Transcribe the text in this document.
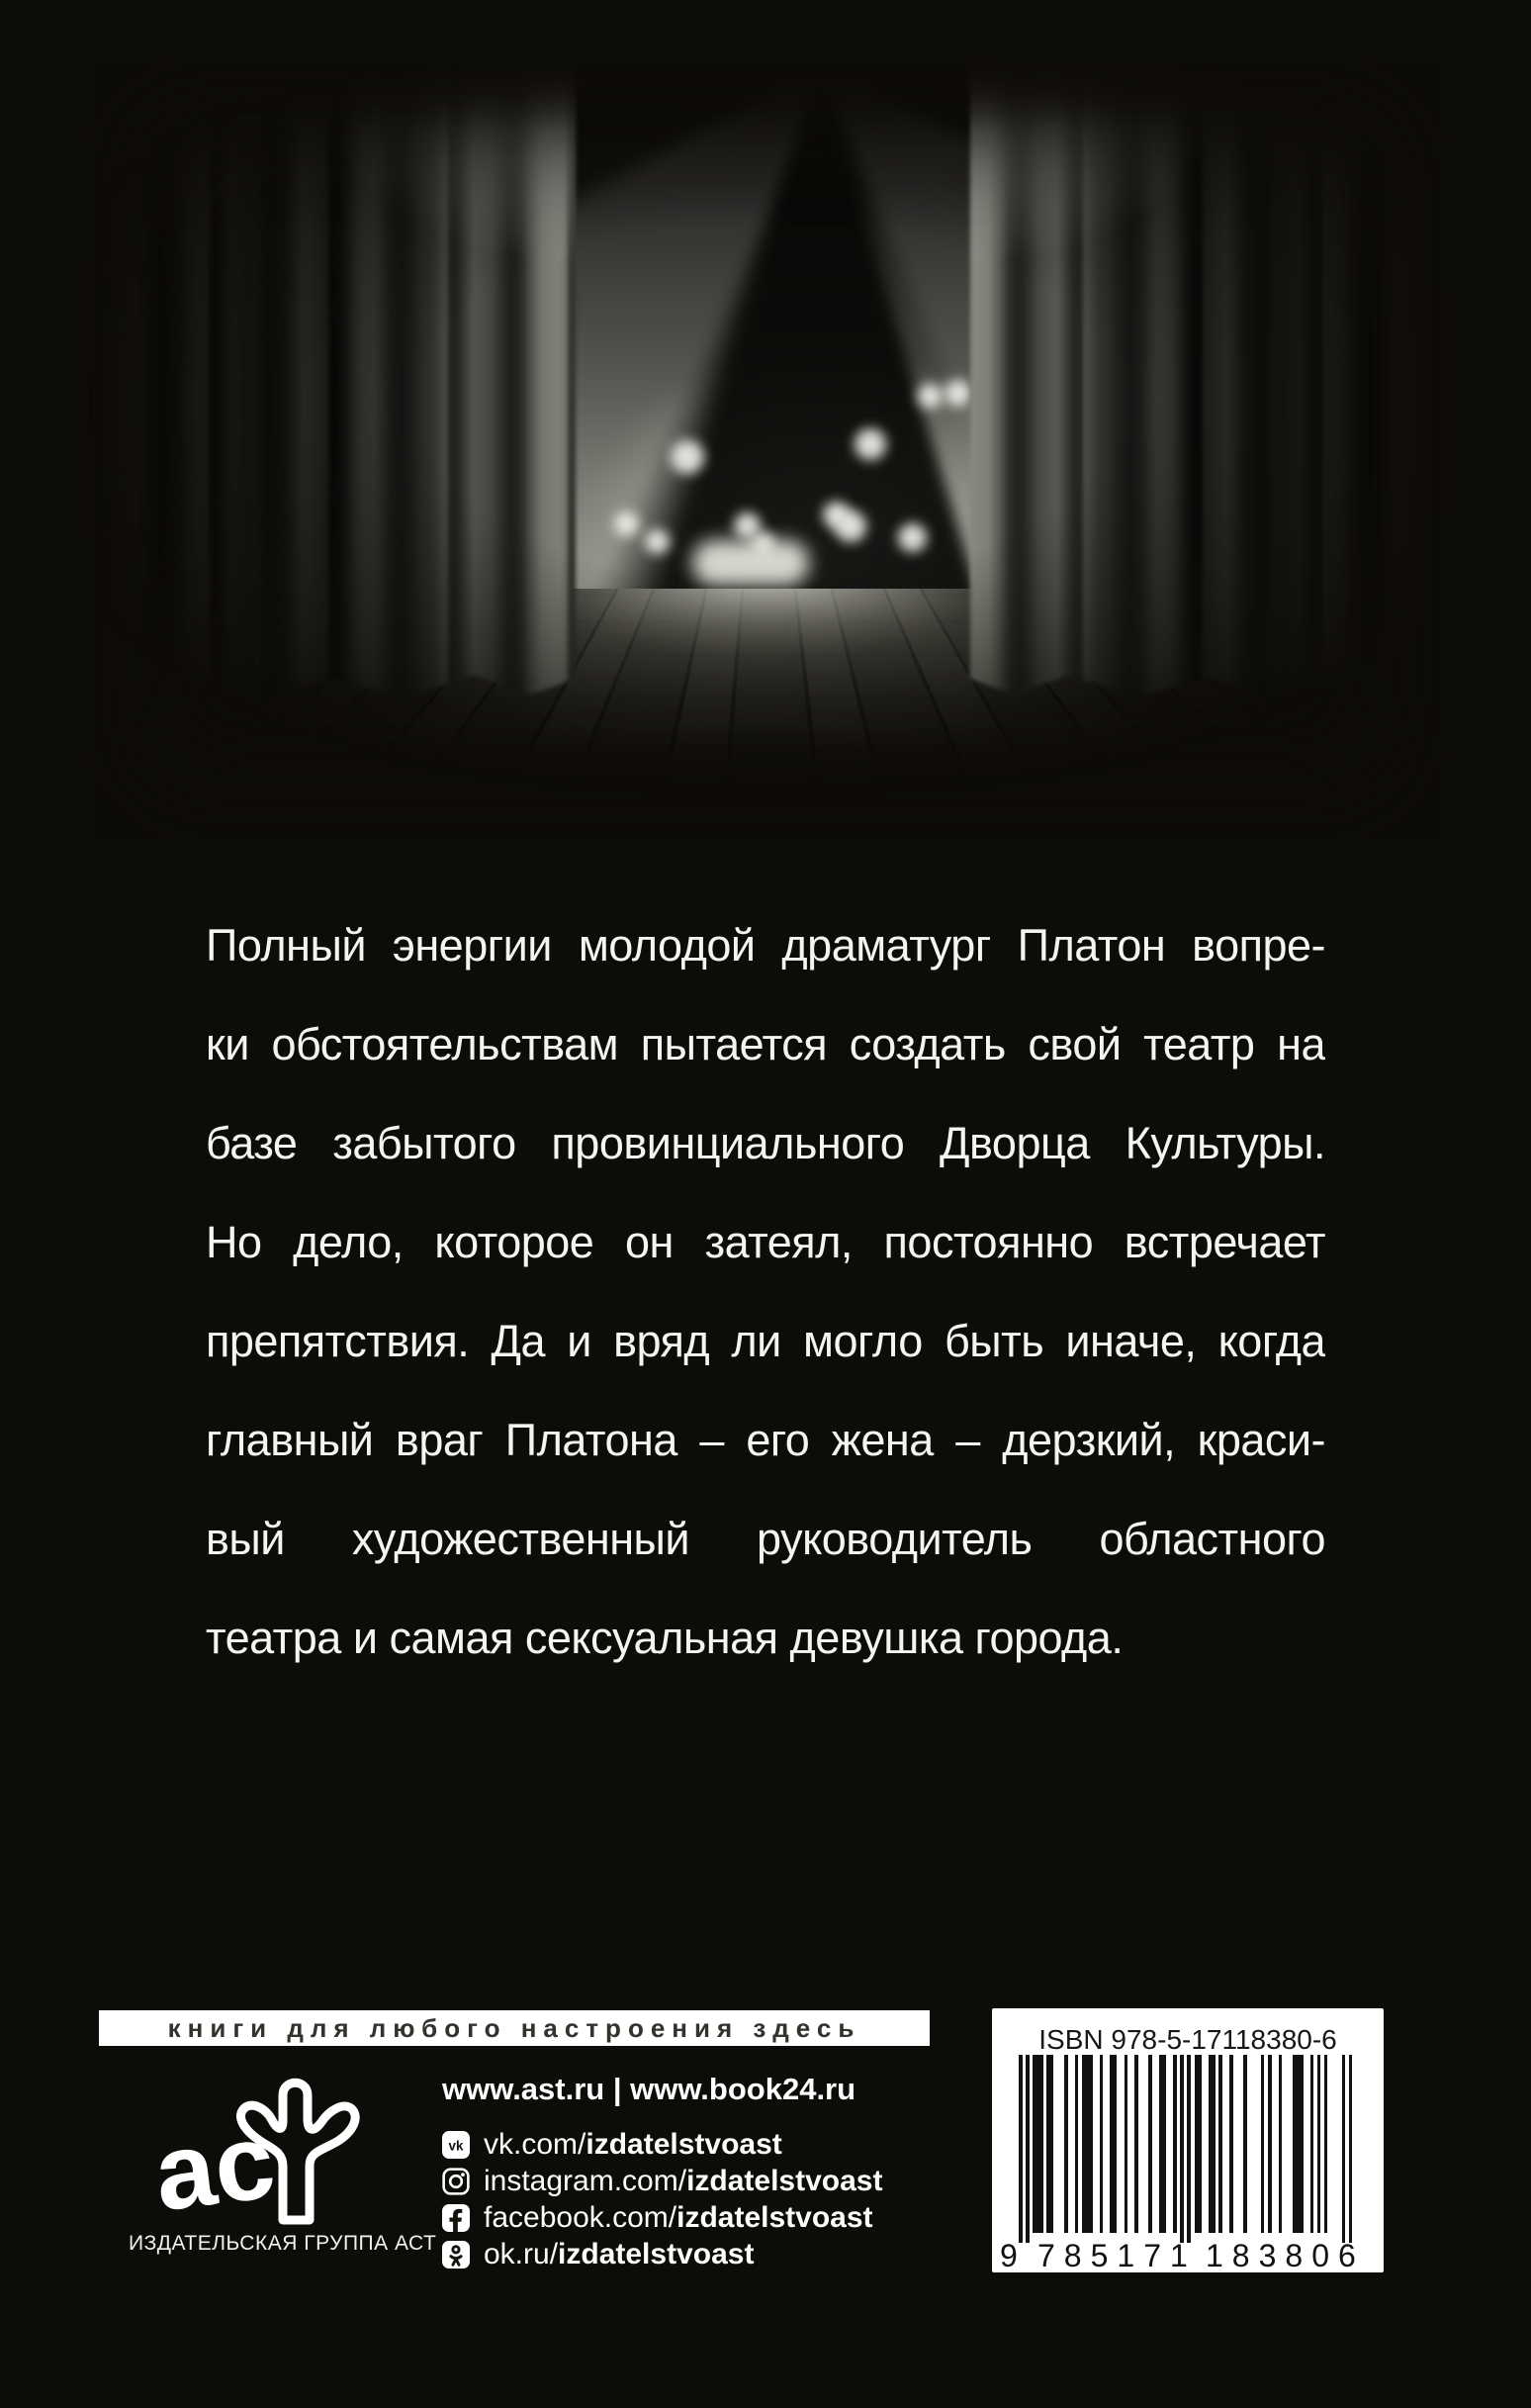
Полный энергии молодой драматург Платон вопре-
ки обстоятельствам пытается создать свой театр на
базе забытого провинциального Дворца Культуры.
Но дело, которое он затеял, постоянно встречает
препятствия. Да и вряд ли могло быть иначе, когда
главный враг Платона – его жена – дерзкий, краси-
вый художественный руководитель областного
театра и самая сексуальная девушка города.
книги для любого настроения здесь
ас
ИЗДАТЕЛЬСКАЯ ГРУППА АСТ
www.ast.ru | www.book24.ru
vk vk.com/izdatelstvoast
instagram.com/izdatelstvoast
facebook.com/izdatelstvoast
ok.ru/izdatelstvoast
ISBN 978-5-17118380-6
9 785171 183806
